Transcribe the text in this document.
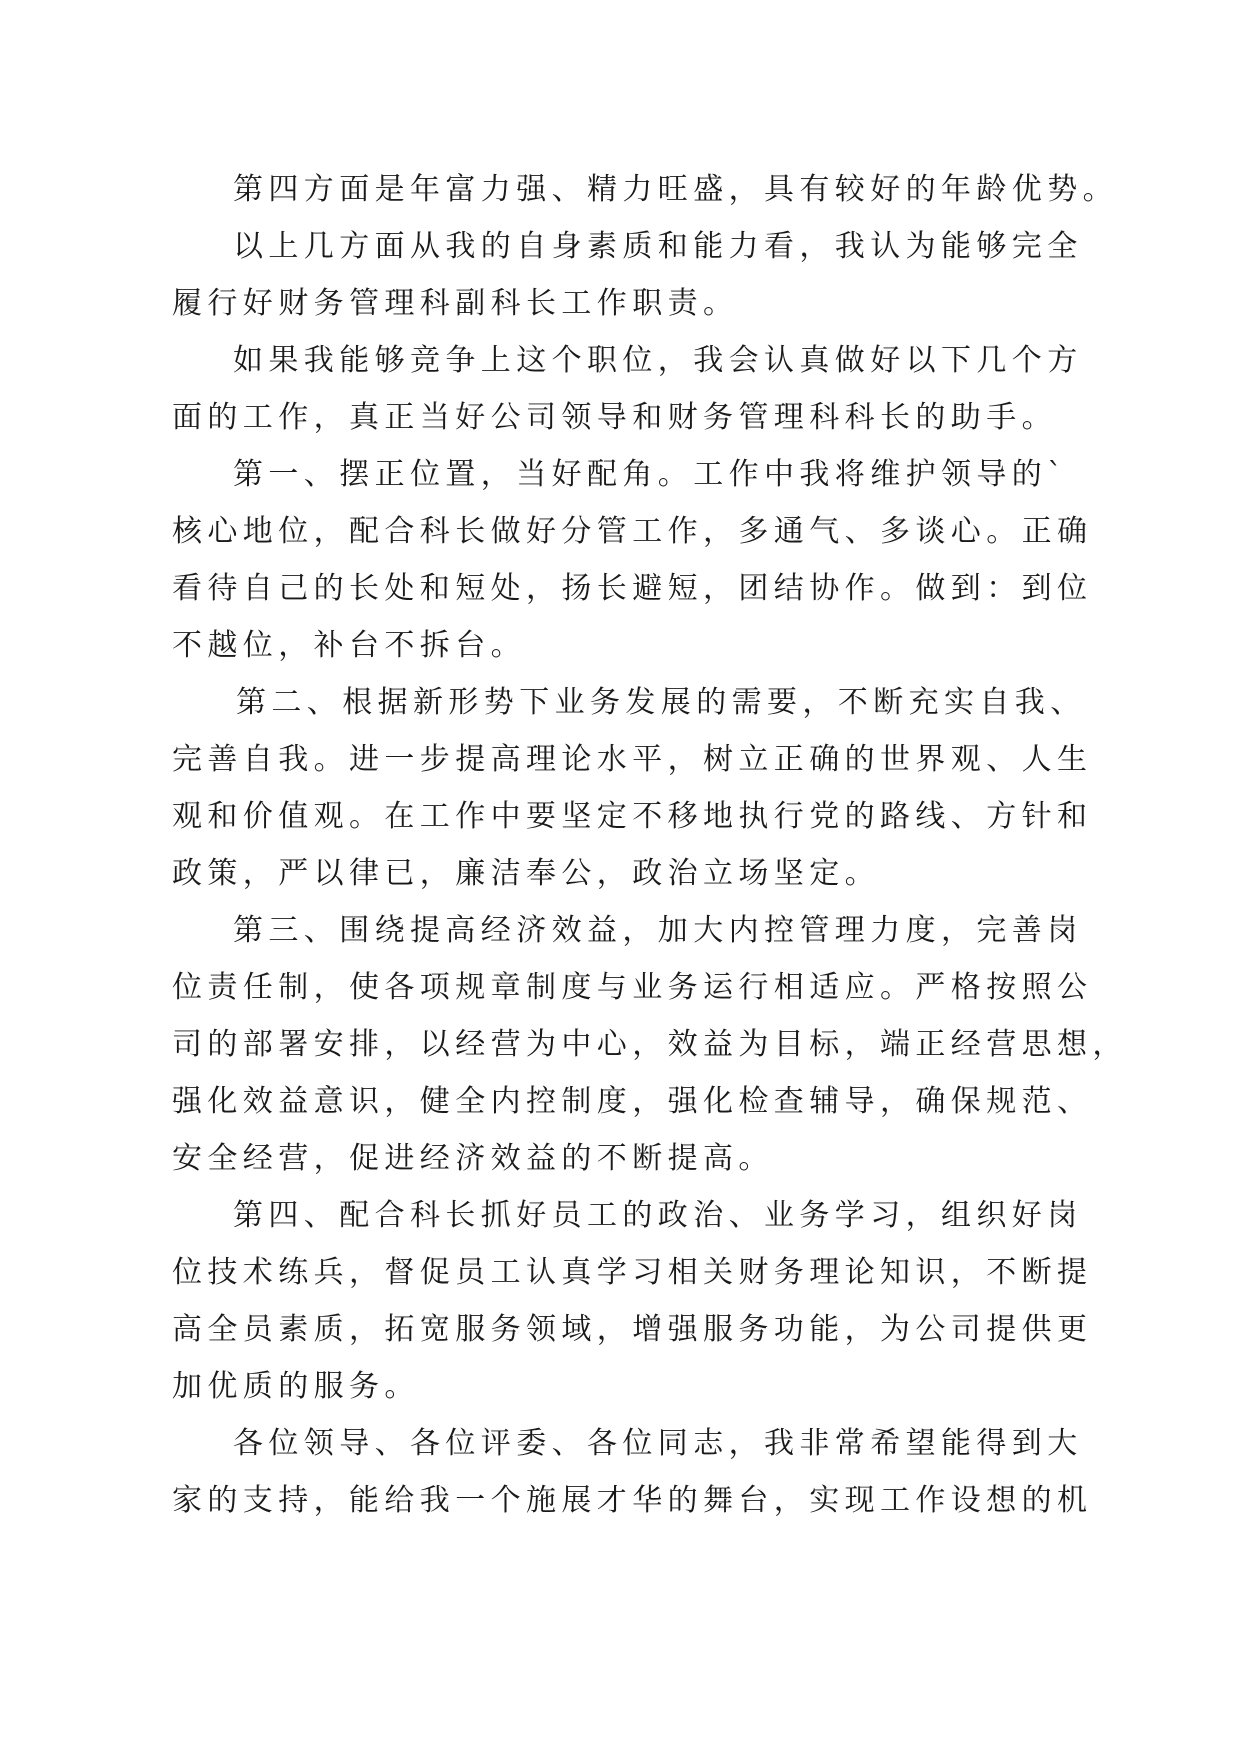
第四方面是年富力强、精力旺盛，具有较好的年龄优势。
以上几方面从我的自身素质和能力看，我认为能够完全
履行好财务管理科副科长工作职责。
如果我能够竞争上这个职位，我会认真做好以下几个方
面的工作，真正当好公司领导和财务管理科科长的助手。
第一、摆正位置，当好配角。工作中我将维护领导的`
核心地位，配合科长做好分管工作，多通气、多谈心。正确
看待自己的长处和短处，扬长避短，团结协作。做到：到位
不越位，补台不拆台。
第二、根据新形势下业务发展的需要，不断充实自我、
完善自我。进一步提高理论水平，树立正确的世界观、人生
观和价值观。在工作中要坚定不移地执行党的路线、方针和
政策，严以律已，廉洁奉公，政治立场坚定。
第三、围绕提高经济效益，加大内控管理力度，完善岗
位责任制，使各项规章制度与业务运行相适应。严格按照公
司的部署安排，以经营为中心，效益为目标，端正经营思想，
强化效益意识，健全内控制度，强化检查辅导，确保规范、
安全经营，促进经济效益的不断提高。
第四、配合科长抓好员工的政治、业务学习，组织好岗
位技术练兵，督促员工认真学习相关财务理论知识，不断提
高全员素质，拓宽服务领域，增强服务功能，为公司提供更
加优质的服务。
各位领导、各位评委、各位同志，我非常希望能得到大
家的支持，能给我一个施展才华的舞台，实现工作设想的机
